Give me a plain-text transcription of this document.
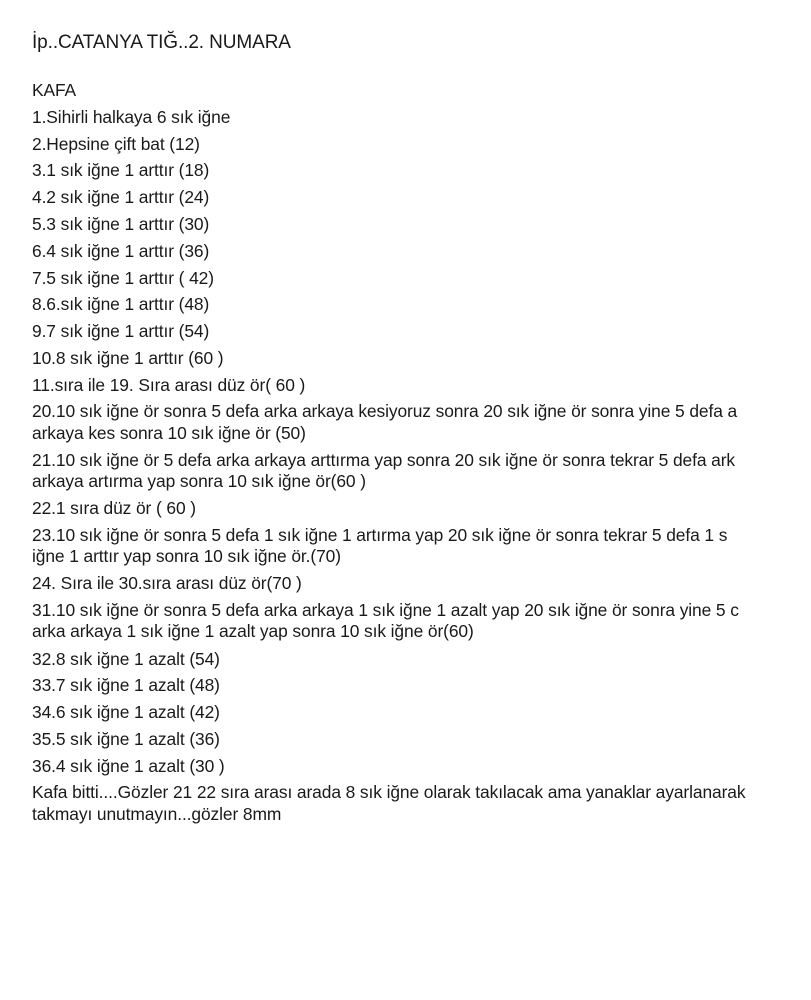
İp..CATANYA TIĞ..2. NUMARA
KAFA
1.Sihirli halkaya 6 sık iğne
2.Hepsine çift bat (12)
3.1 sık iğne 1 arttır (18)
4.2 sık iğne 1 arttır (24)
5.3 sık iğne 1 arttır (30)
6.4 sık iğne 1 arttır (36)
7.5 sık iğne 1 arttır ( 42)
8.6.sık iğne 1 arttır (48)
9.7 sık iğne 1 arttır (54)
10.8 sık iğne 1 arttır (60 )
11.sıra ile 19. Sıra arası düz ör( 60 )
20.10 sık iğne ör sonra 5 defa arka arkaya kesiyoruz sonra 20 sık iğne ör sonra yine 5 defa a
arkaya kes sonra 10 sık iğne ör (50)
21.10 sık iğne ör 5 defa arka arkaya arttırma yap sonra 20 sık iğne ör sonra tekrar 5 defa ark
arkaya artırma yap sonra 10 sık iğne ör(60 )
22.1 sıra düz ör ( 60 )
23.10 sık iğne ör sonra 5 defa 1 sık iğne 1 artırma yap 20 sık iğne ör sonra tekrar 5 defa 1 s
iğne 1 arttır yap sonra 10 sık iğne ör.(70)
24. Sıra ile 30.sıra arası düz ör(70 )
31.10 sık iğne ör sonra 5 defa arka arkaya 1 sık iğne 1 azalt yap 20 sık iğne ör sonra yine 5 c
arka arkaya 1 sık iğne 1 azalt yap sonra 10 sık iğne ör(60)
32.8 sık iğne 1 azalt (54)
33.7 sık iğne 1 azalt (48)
34.6 sık iğne 1 azalt (42)
35.5 sık iğne 1 azalt (36)
36.4 sık iğne 1 azalt (30 )
Kafa bitti....Gözler 21 22 sıra arası arada 8 sık iğne olarak takılacak ama yanaklar ayarlanarak
takmayı unutmayın...gözler 8mm
